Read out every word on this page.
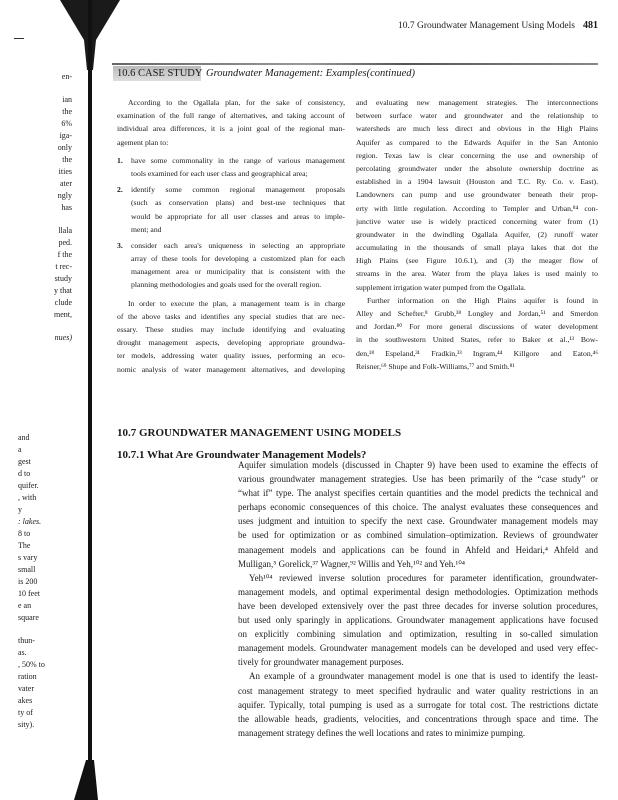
en-
ian
the
6%
iga-
only
the
ities
ater
ngly
has
llala
ped.
f the
t rec-
study
y that
clude
ment,
nues)
and
a
gest
d to
quifer.
, with
y
: lakes.
8 to
The
s vary
small
is 200
10 feet
e an
square
thun-
as.
, 50% to
ration
vater
akes
ty of
sity).
10.7 Groundwater Management Using Models 481
10.6 CASE STUDY Groundwater Management: Examples(continued)
According to the Ogallala plan, for the sake of consistency,
examination of the full range of alternatives, and taking account of
individual area differences, it is a joint goal of the regional man-
agement plan to:
1. have some commonality in the range of various management
tools examined for each user class and geographical area;
2. identify some common regional management proposals
(such as conservation plans) and best-use techniques that
would be appropriate for all user classes and areas to imple-
ment; and
3. consider each area's uniqueness in selecting an appropriate
array of these tools for developing a customized plan for each
management area or municipality that is consistent with the
planning methodologies and goals used for the overall region.
In order to execute the plan, a management team is in charge
of the above tasks and identifies any special studies that are nec-
essary. These studies may include identifying and evaluating
drought management aspects, developing appropriate groundwa-
ter models, addressing water quality issues, performing an eco-
nomic analysis of water management alternatives, and developing
and evaluating new management strategies. The interconnections
between surface water and groundwater and the relationship to
watersheds are much less direct and obvious in the High Plains
Aquifer as compared to the Edwards Aquifer in the San Antonio
region. Texas law is clear concerning the use and ownership of
percolating groundwater under the absolute ownership doctrine as
established in a 1904 lawsuit (Houston and T.C. Ry. Co. v. East).
Landowners can pump and use groundwater beneath their prop-
erty with little regulation. According to Templer and Urban,⁸⁴ con-
junctive water use is widely practiced concerning water from (1)
groundwater in the dwindling Ogallala Aquifer, (2) runoff water
accumulating in the thousands of small playa lakes that dot the
High Plains (see Figure 10.6.1), and (3) the meager flow of
streams in the area. Water from the playa lakes is used mainly to
supplement irrigation water pumped from the Ogallala.
Further information on the High Plains aquifer is found in
Alley and Schefter,⁸ Grubb,³⁸ Longley and Jordan,⁵¹ and Smerdon
and Jordan.⁸⁰ For more general discussions of water development
in the southwestern United States, refer to Baker et al.,¹³ Bow-
den,¹⁸ Espeland,³¹ Fradkin,³³ Ingram,⁴⁴ Killgore and Eaton,⁴⁶
Reisner,⁶⁹ Shupe and Folk-Williams,⁷⁷ and Smith.⁸¹
10.7 GROUNDWATER MANAGEMENT USING MODELS
10.7.1 What Are Groundwater Management Models?
Aquifer simulation models (discussed in Chapter 9) have been used to examine the effects of
various groundwater management strategies. Use has been primarily of the “case study” or
“what if” type. The analyst specifies certain quantities and the model predicts the technical and
perhaps economic consequences of this choice. The analyst evaluates these consequences and
uses judgment and intuition to specify the next case. Groundwater management models may
be used for optimization or as combined simulation–optimization. Reviews of groundwater
management models and applications can be found in Ahfeld and Heidari,⁴ Ahfeld and
Mulligan,⁵ Gorelick,³⁷ Wagner,⁹² Willis and Yeh,¹⁰² and Yeh.¹⁰⁴
Yeh¹⁰⁴ reviewed inverse solution procedures for parameter identification, groundwater-
management models, and optimal experimental design methodologies. Optimization methods
have been developed extensively over the past three decades for inverse solution procedures,
but used only sparingly in applications. Groundwater management applications have focused
on explicitly combining simulation and optimization, resulting in so-called simulation
management models. Groundwater management models can be developed and used very effec-
tively for groundwater management purposes.
An example of a groundwater management model is one that is used to identify the least-
cost management strategy to meet specified hydraulic and water quality restrictions in an
aquifer. Typically, total pumping is used as a surrogate for total cost. The restrictions dictate
the allowable heads, gradients, velocities, and concentrations through space and time. The
management strategy defines the well locations and rates to minimize pumping.
